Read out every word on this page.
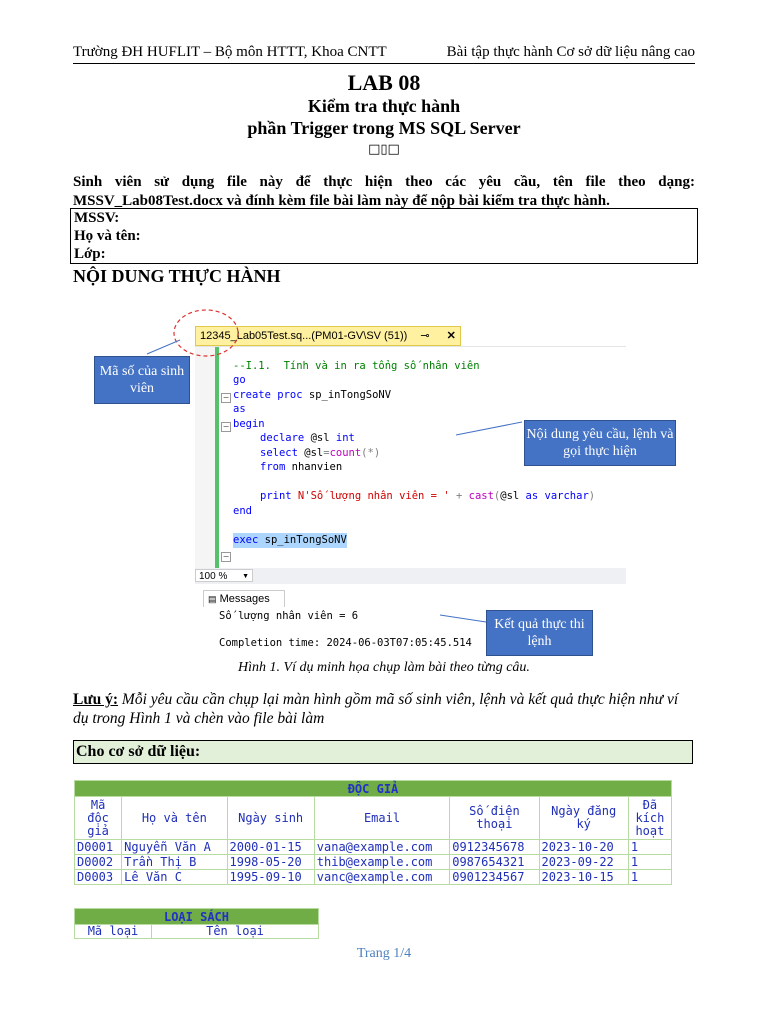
Trường ĐH HUFLIT – Bộ môn HTTT, Khoa CNTT	Bài tập thực hành Cơ sở dữ liệu nâng cao
LAB 08
Kiểm tra thực hành
phần Trigger trong MS SQL Server
□▯□
Sinh viên sử dụng file này để thực hiện theo các yêu cầu, tên file theo dạng: MSSV_Lab08Test.docx và đính kèm file bài làm này để nộp bài kiểm tra thực hành.
MSSV:
Họ và tên:
Lớp:
NỘI DUNG THỰC HÀNH
12345_Lab05Test.sq...(PM01-GV\SV (51)) ⊸ ✕
−
−
−
--I.1.  Tính và in ra tổng số nhân viên
go
create proc sp_inTongSoNV
as
begin
declare @sl int
select @sl=count(*)
from nhanvien
print N'Số lượng nhân viên = ' + cast(@sl as varchar)
end
exec sp_inTongSoNV
100 % ▼
▤ Messages
Số lượng nhân viên = 6
Completion time: 2024-06-03T07:05:45.514
Mã số của sinh viên
Nội dung yêu cầu, lệnh và gọi thực hiện
Kết quả thực thi lệnh
Hình 1. Ví dụ minh họa chụp làm bài theo từng câu.
Lưu ý: Mỗi yêu cầu cần chụp lại màn hình gồm mã số sinh viên, lệnh và kết quả thực hiện như ví dụ trong Hình 1 và chèn vào file bài làm
Cho cơ sở dữ liệu:
ĐỘC GIẢ						
Mã độc giả	Họ và tên	Ngày sinh	Email	Số điện thoại	Ngày đăng ký	Đã kích hoạt
D0001	Nguyễn Văn A	2000-01-15	vana@example.com	0912345678	2023-10-20	1
D0002	Trần Thị B	1998-05-20	thib@example.com	0987654321	2023-09-22	1
D0003	Lê Văn C	1995-09-10	vanc@example.com	0901234567	2023-10-15	1
LOẠI SÁCH
Mã loại	Tên loại
Trang 1/4
